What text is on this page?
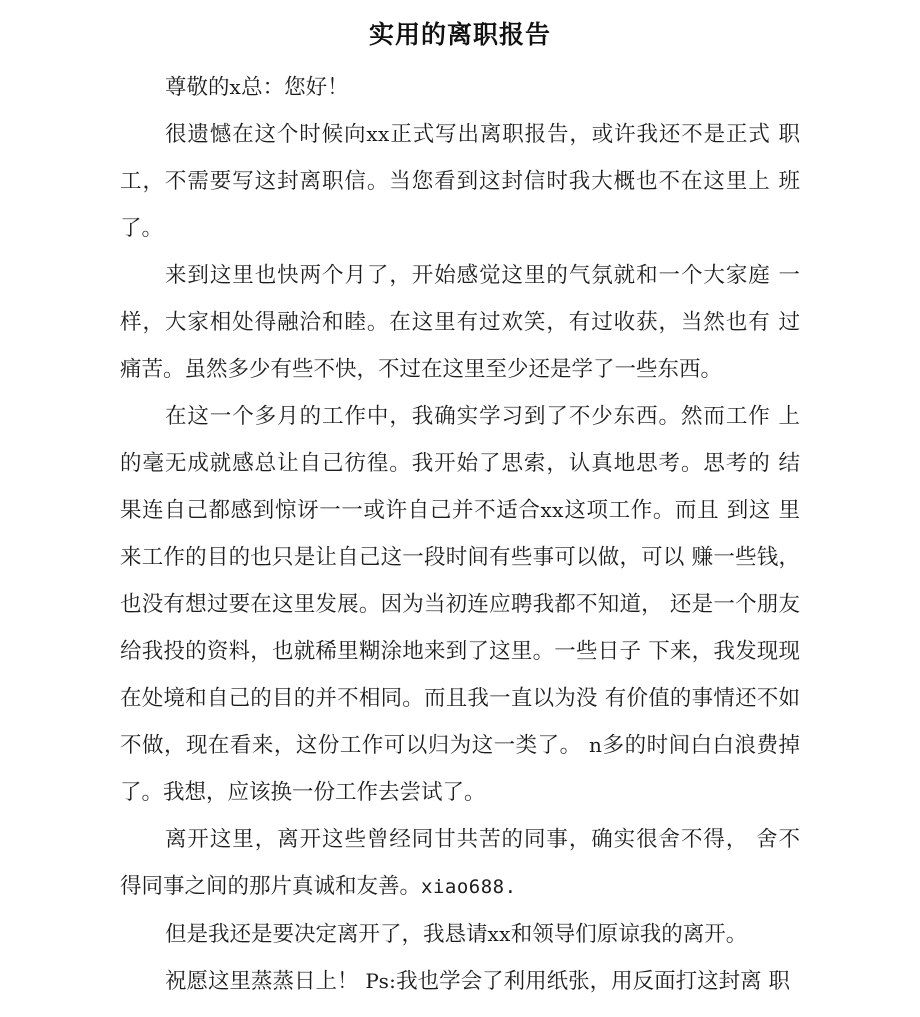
实用的离职报告

尊敬的x总：您好！

很遗憾在这个时候向xx正式写出离职报告，或许我还不是正式 职工，不需要写这封离职信。当您看到这封信时我大概也不在这里上 班了。

来到这里也快两个月了，开始感觉这里的气氛就和一个大家庭 一样，大家相处得融洽和睦。在这里有过欢笑，有过收获，当然也有 过 痛苦。虽然多少有些不快，不过在这里至少还是学了一些东西。

在这一个多月的工作中，我确实学习到了不少东西。然而工作 上 的毫无成就感总让自己彷徨。我开始了思索，认真地思考。思考的 结 果连自己都感到惊讶一一或许自己并不适合xx这项工作。而且 到这 里来工作的目的也只是让自己这一段时间有些事可以做，可以 赚一些钱，也没有想过要在这里发展。因为当初连应聘我都不知道， 还是一个朋友给我投的资料，也就稀里糊涂地来到了这里。一些日子 下来，我发现现在处境和自己的目的并不相同。而且我一直以为没 有价值的事情还不如不做，现在看来，这份工作可以归为这一类了。 n多的时间白白浪费掉了。我想，应该换一份工作去尝试了。

离开这里，离开这些曾经同甘共苦的同事，确实很舍不得， 舍不 得同事之间的那片真诚和友善。xiao688.

但是我还是要决定离开了，我恳请xx和领导们原谅我的离开。

祝愿这里蒸蒸日上！ Ps:我也学会了利用纸张，用反面打这封离 职
